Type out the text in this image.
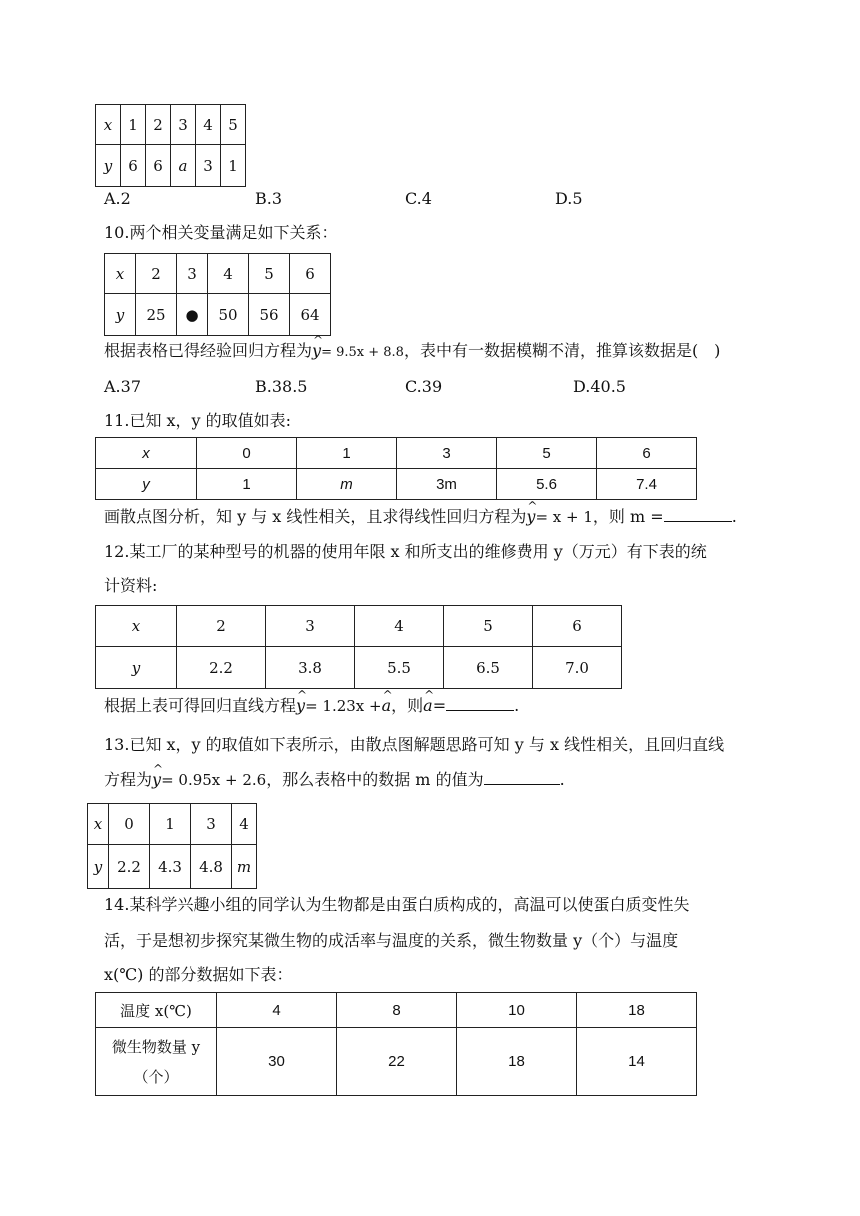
x	1	2	3	4	5
y	6	6	a	3	1
A.2	B.3	C.4	D.5
10.两个相关变量满足如下关系：
x	2	3	4	5	6
y	25	●	50	56	64
根据表格已得经验回归方程为^ y= 9.5x + 8.8，表中有一数据模糊不清，推算该数据是(　)
A.37	B.38.5	C.39	D.40.5
11.已知 x，y 的取值如表:
x	0	1	3	5	6
y	1	m	3m	5.6	7.4
画散点图分析，知 y 与 x 线性相关，且求得线性回归方程为^ y= x + 1，则 m =	.
12.某工厂的某种型号的机器的使用年限 x 和所支出的维修费用 y（万元）有下表的统
计资料:
x	2	3	4	5	6
y	2.2	3.8	5.5	6.5	7.0
根据上表可得回归直线方程^ y= 1.23x +^ a，则^ a=	.
13.已知 x，y 的取值如下表所示，由散点图解题思路可知 y 与 x 线性相关，且回归直线
方程为^ y= 0.95x + 2.6，那么表格中的数据 m 的值为	.
x	0	1	3	4
y	2.2	4.3	4.8	m
14.某科学兴趣小组的同学认为生物都是由蛋白质构成的，高温可以使蛋白质变性失
活，于是想初步探究某微生物的成活率与温度的关系，微生物数量 y（个）与温度
x(℃) 的部分数据如下表：
温度 x(℃)	4	8	10	18
微生物数量 y
（个）	30	22	18	14
